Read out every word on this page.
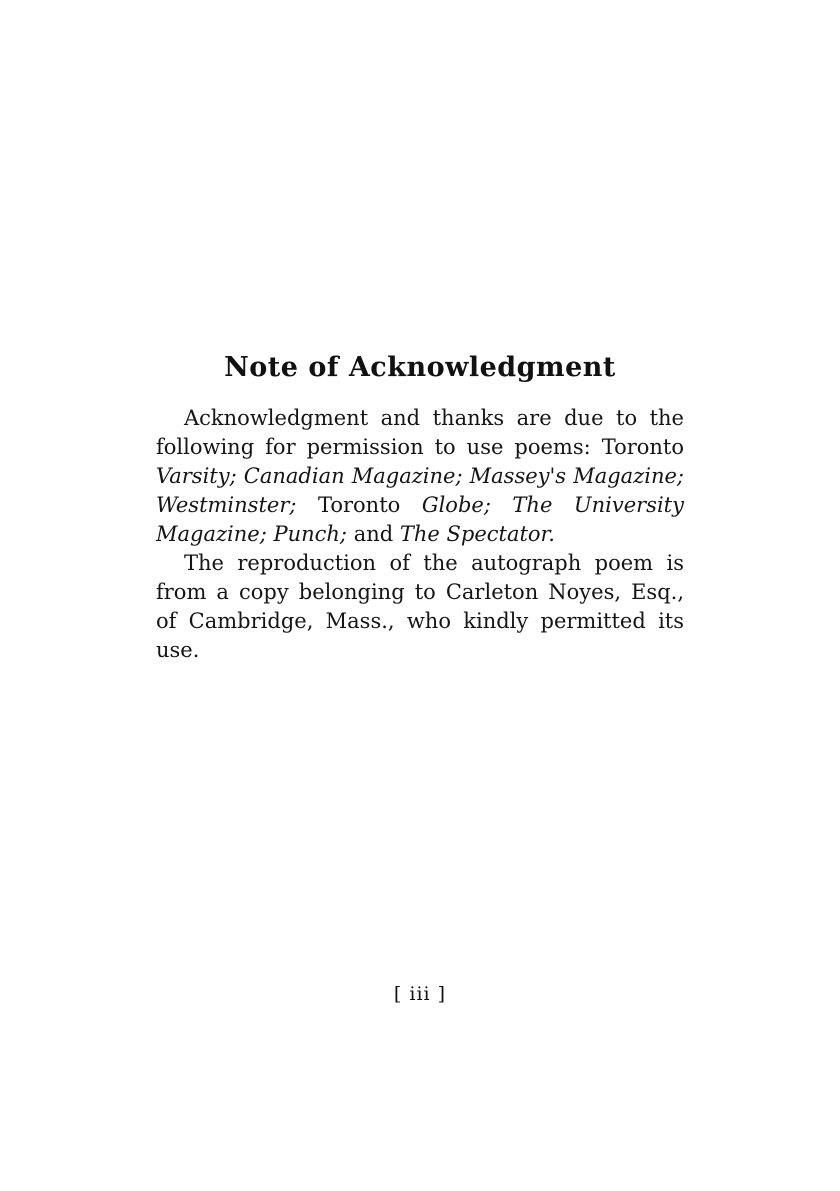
Note of Acknowledgment
Acknowledgment and thanks are due to the
following for permission to use poems: Toronto
Varsity; Canadian Magazine; Massey's Magazine;
Westminster; Toronto Globe; The University
Magazine; Punch; and The Spectator.
The reproduction of the autograph poem is
from a copy belonging to Carleton Noyes, Esq.,
of Cambridge, Mass., who kindly permitted its
use.
[ iii ]
